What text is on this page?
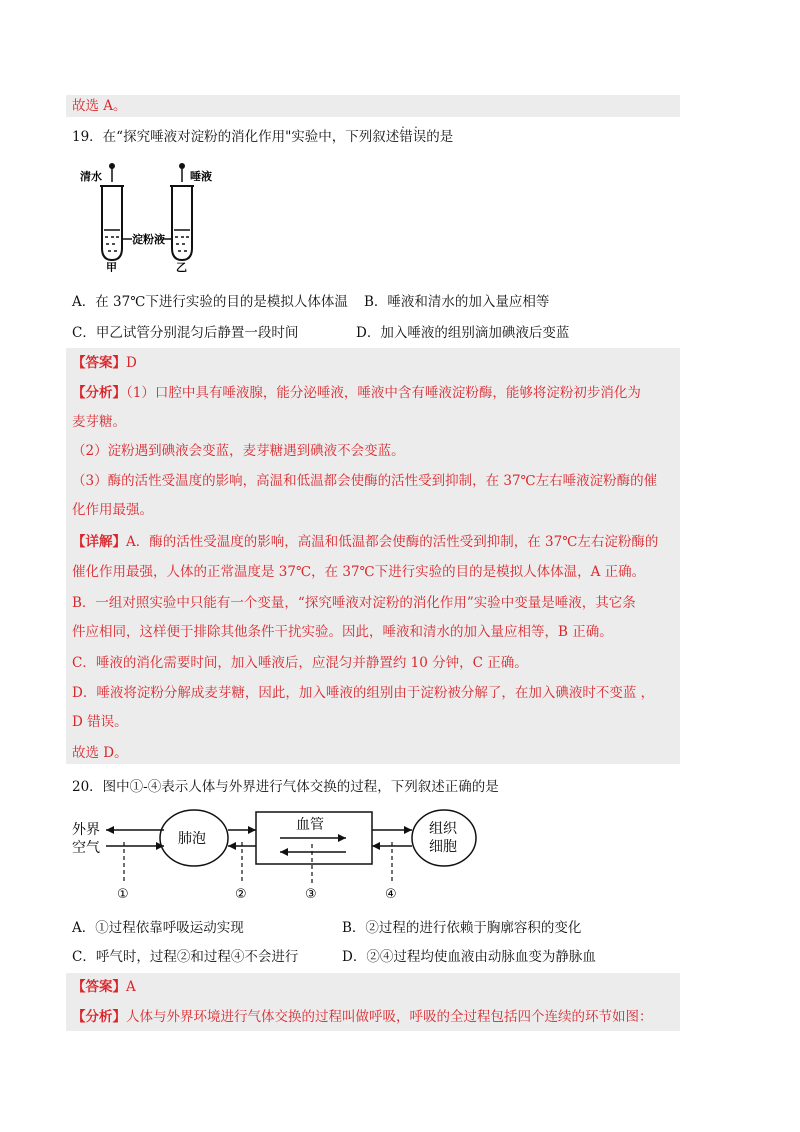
故选 A。
19．在“探究唾液对淀粉的消化作用"实验中，下列叙述· · 错误的是
清水	唾液
淀粉液
甲	乙
A．在 37℃下进行实验的目的是模拟人体体温 B．唾液和清水的加入量应相等
C．甲乙试管分别混匀后静置一段时间	D．加入唾液的组别滴加碘液后变蓝
【答案】D
【分析】（1）口腔中具有唾液腺，能分泌唾液，唾液中含有唾液淀粉酶，能够将淀粉初步消化为
麦芽糖。
（2）淀粉遇到碘液会变蓝，麦芽糖遇到碘液不会变蓝。
（3）酶的活性受温度的影响，高温和低温都会使酶的活性受到抑制，在 37℃左右唾液淀粉酶的催
化作用最强。
【详解】A．酶的活性受温度的影响，高温和低温都会使酶的活性受到抑制，在 37℃左右淀粉酶的
催化作用最强，人体的正常温度是 37℃，在 37℃下进行实验的目的是模拟人体体温，A 正确。
B．一组对照实验中只能有一个变量，“探究唾液对淀粉的消化作用”实验中变量是唾液，其它条
件应相同，这样便于排除其他条件干扰实验。因此，唾液和清水的加入量应相等，B 正确。
C．唾液的消化需要时间，加入唾液后，应混匀并静置约 10 分钟，C 正确。
D．唾液将淀粉分解成麦芽糖，因此，加入唾液的组别由于淀粉被分解了，在加入碘液时不变蓝 ，
D 错误。
故选 D。
20．图中①-④表示人体与外界进行气体交换的过程，下列叙述正确的是
外界
空气
肺泡
血管	组织
细胞
①	②	③	④
A．①过程依靠呼吸运动实现	B．②过程的进行依赖于胸廓容积的变化
C．呼气时，过程②和过程④不会进行	D．②④过程均使血液由动脉血变为静脉血
【答案】A
【分析】人体与外界环境进行气体交换的过程叫做呼吸，呼吸的全过程包括四个连续的环节如图：
